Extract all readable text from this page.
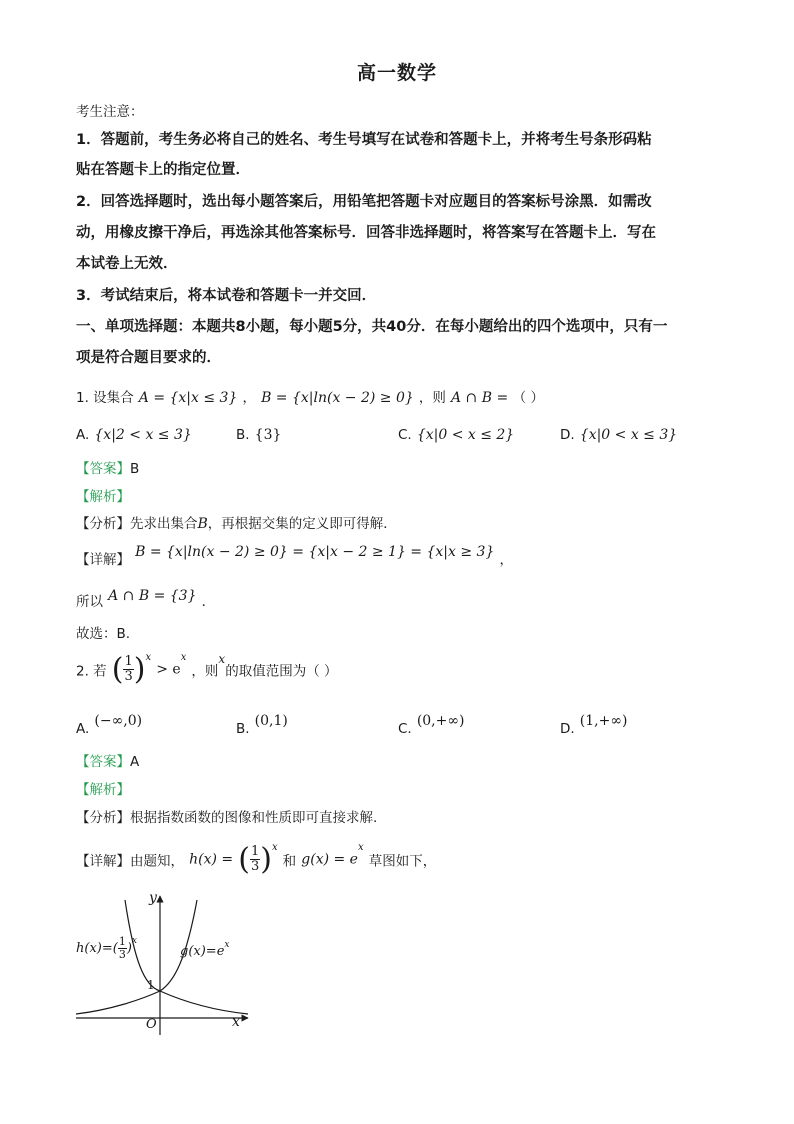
高一数学
考生注意：
1．答题前，考生务必将自己的姓名、考生号填写在试卷和答题卡上，并将考生号条形码粘
贴在答题卡上的指定位置．
2．回答选择题时，选出每小题答案后，用铅笔把答题卡对应题目的答案标号涂黑．如需改
动，用橡皮擦干净后，再选涂其他答案标号．回答非选择题时，将答案写在答题卡上．写在
本试卷上无效．
3．考试结束后，将本试卷和答题卡一并交回．
一、单项选择题：本题共8小题，每小题5分，共40分．在每小题给出的四个选项中，只有一
项是符合题目要求的．
1. 设集合 A = {x|x ≤ 3} ， B = {x|ln(x − 2) ≥ 0} ，则 A ∩ B = （ ）
A. {x|2 < x ≤ 3}	B. {3}	C. {x|0 < x ≤ 2}	D. {x|0 < x ≤ 3}
【答案】B
【解析】
【分析】先求出集合B，再根据交集的定义即可得解．
【详解】 B = {x|ln(x − 2) ≥ 0} = {x|x − 2 ≥ 1} = {x|x ≥ 3} ，
所以 A ∩ B = {3} ．
故选：B.
2. 若 ( $\frac{1}{3} )^x > e^x$ ，则$^x$的取值范围为（ ）
A. (−∞,0)	B. (0,1)	C. (0,+∞)	D. (1,+∞)
【答案】A
【解析】
【分析】根据指数函数的图像和性质即可直接求解.
【详解】由题知， h(x) = ( $\frac{1}{3} )^x$ 和 $g(x) = e^x$ 草图如下，
y
x
O
1
$h(x)=( \frac{1}{3} )^x$
$g(x)=e^x$
